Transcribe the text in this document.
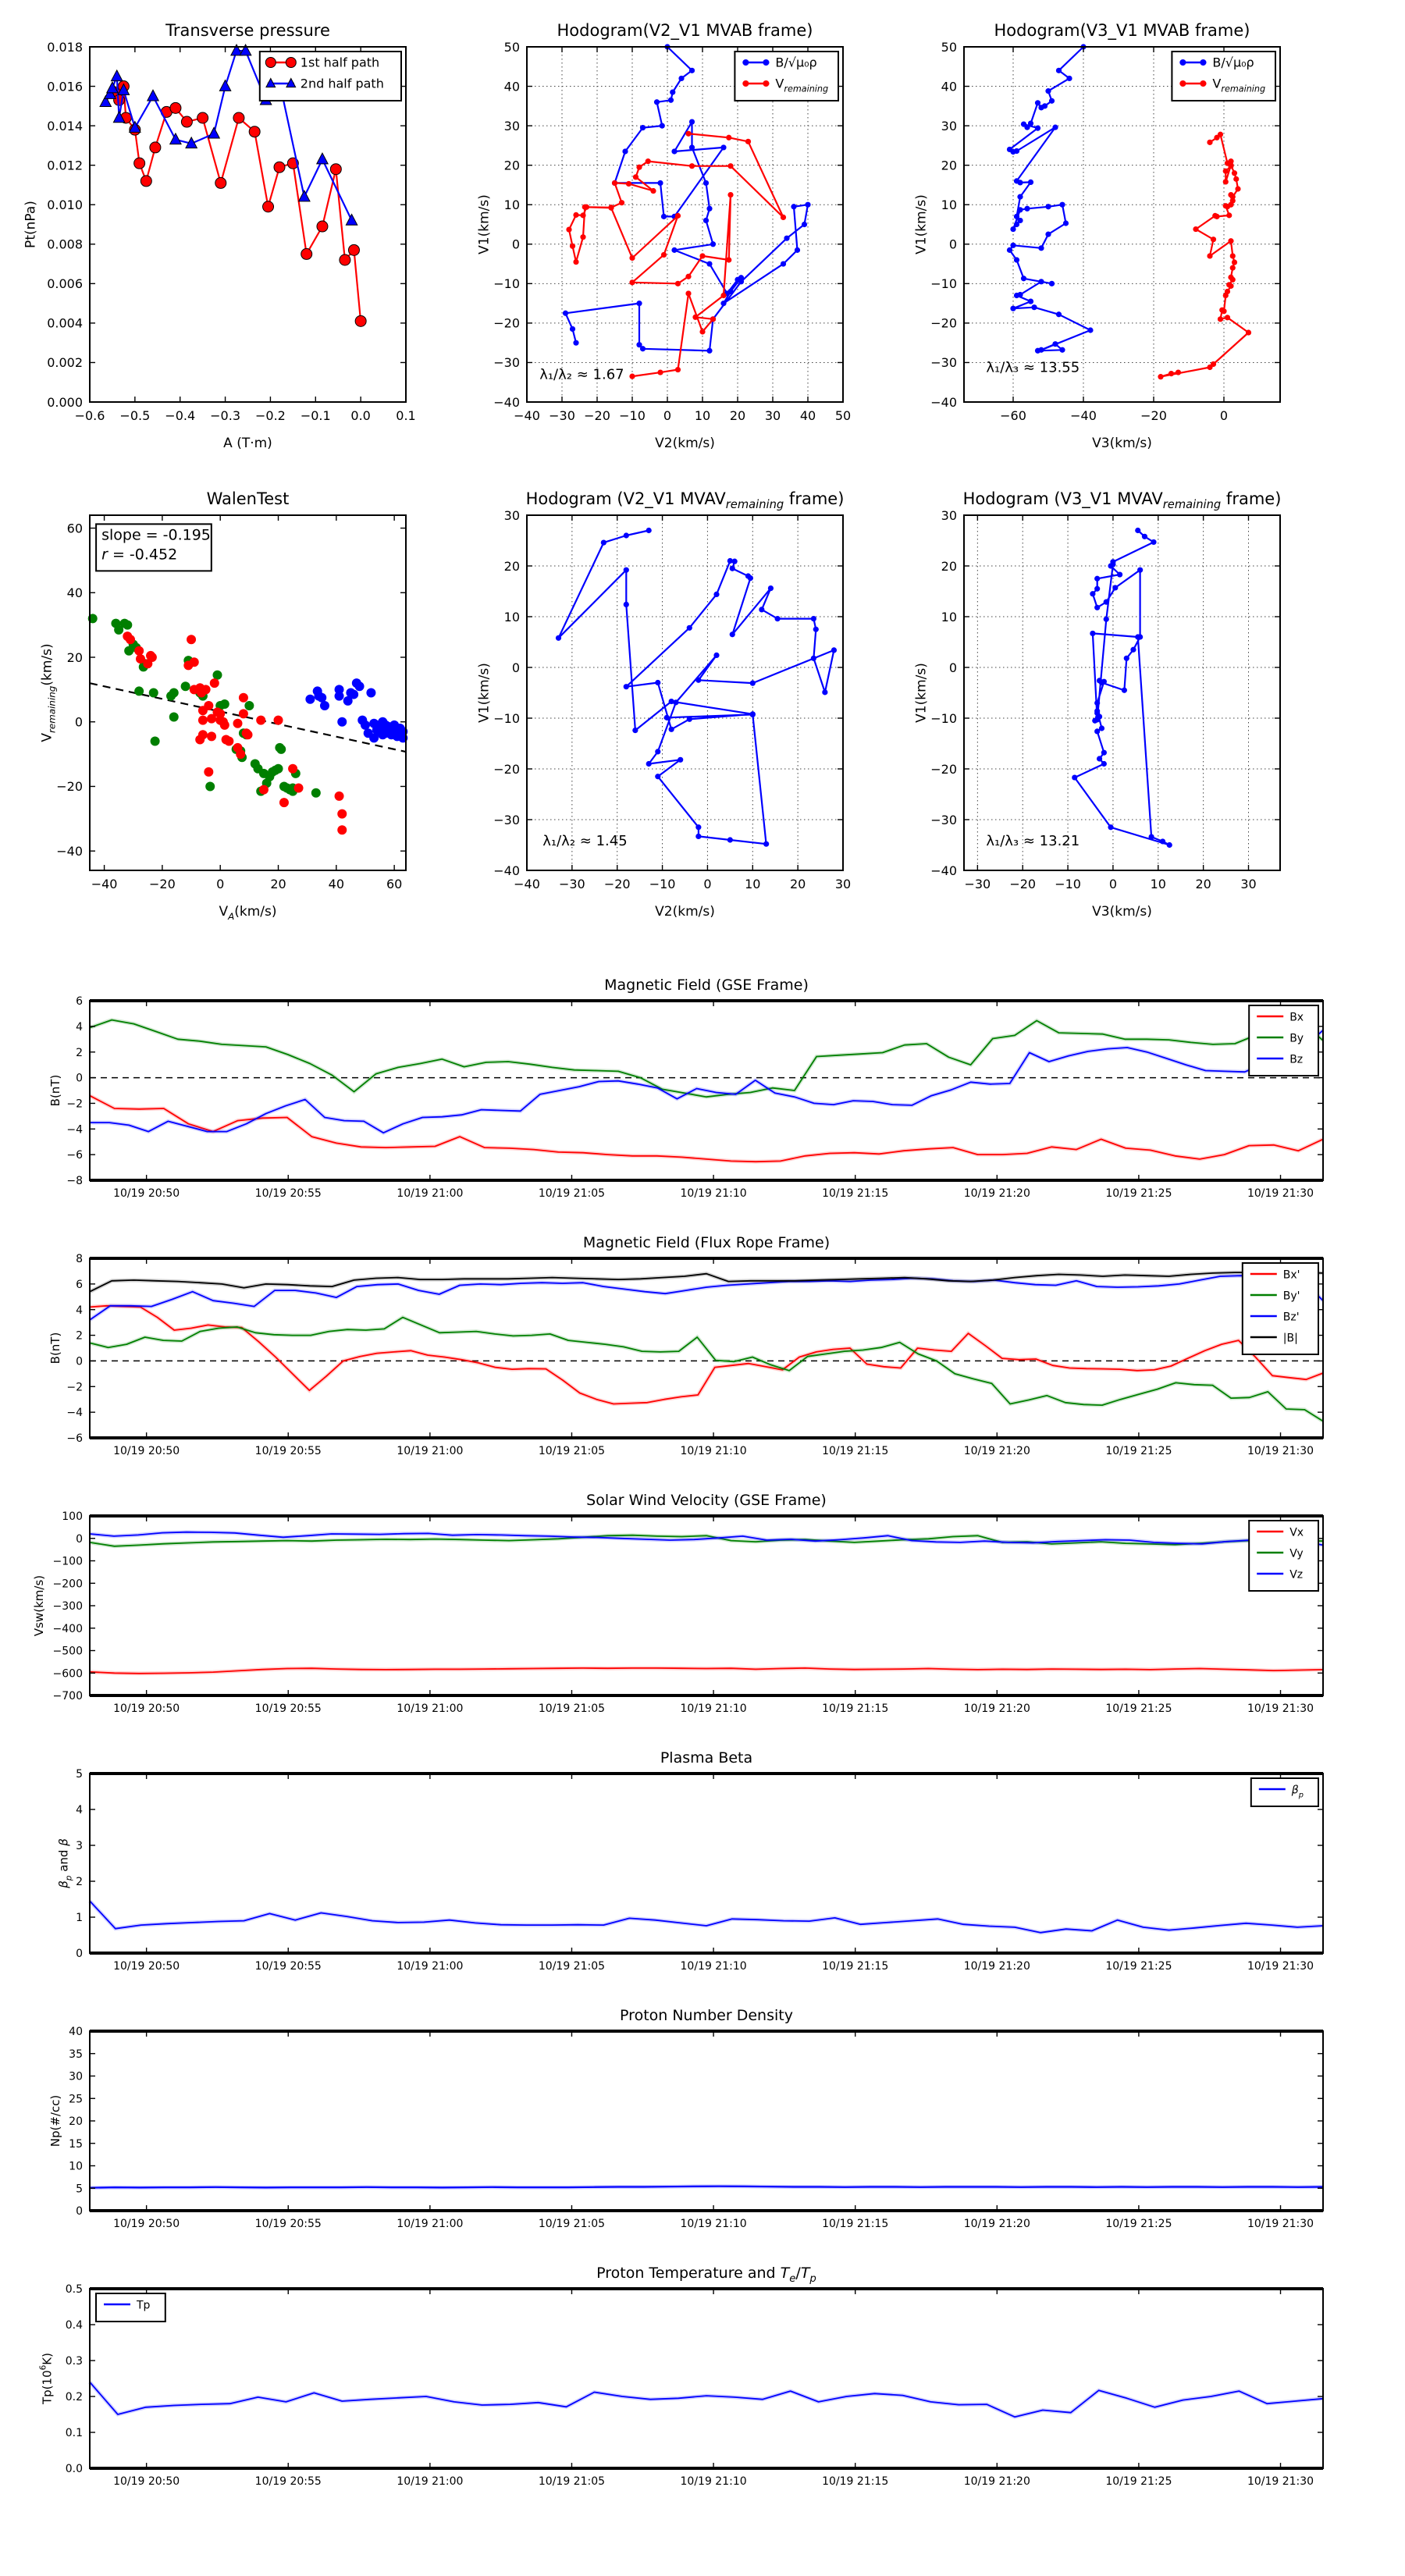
−0.6 −0.5 −0.4 −0.3 −0.2 −0.1 0.0 0.1
0.000
0.002
0.004
0.006
0.008
0.010
0.012
0.014
0.016
0.018
Transverse pressure
A (T·m)
Pt(nPa)
1st half path
2nd half path
−40 −30 −20 −10 0 10 20 30 40 50
−40
−30
−20
−10
0
10
20
30
40
50
Hodogram(V2_V1 MVAB frame)
V2(km/s)
V1(km/s)
B/√μ₀ρ
$V_{remaining}$
λ₁/λ₂ ≈ 1.67
−60	−40	−20	0
−40
−30
−20
−10
0
10
20
30
40
50
Hodogram(V3_V1 MVAB frame)
V3(km/s)
V1(km/s)
B/√μ₀ρ
$V_{remaining}$
λ₁/λ₃ ≈ 13.55
−40	−20	0	20	40	60
−40
−20
0
20
40
60
WalenTest
$V_A(km/s)$
$V_{remaining}(km/s)$
slope = -0.195
r = -0.452
−40 −30 −20 −10 0	10 20 30
−40
−30
−20
−10
0
10
20
30
Hodogram (V2_V1 $MVAV_{remaining}$ frame)
V2(km/s)
V1(km/s)
λ₁/λ₂ ≈ 1.45
−30 −20 −10 0	10 20 30
−40
−30
−20
−10
0
10
20
30
Hodogram (V3_V1 $MVAV_{remaining}$ frame)
V3(km/s)
V1(km/s)
λ₁/λ₃ ≈ 13.21
10/19 20:50	10/19 20:55	10/19 21:00	10/19 21:05	10/19 21:10	10/19 21:15	10/19 21:20	10/19 21:25	10/19 21:30
−8
−6
−4
−2
0
2
4
6
Magnetic Field (GSE Frame)
B(nT)
Bx
By
Bz
10/19 20:50	10/19 20:55	10/19 21:00	10/19 21:05	10/19 21:10	10/19 21:15	10/19 21:20	10/19 21:25	10/19 21:30
−6
−4
−2
0
2
4
6
8
Magnetic Field (Flux Rope Frame)
B(nT)
Bx'
By'
Bz'
|B|
10/19 20:50	10/19 20:55	10/19 21:00	10/19 21:05	10/19 21:10	10/19 21:15	10/19 21:20	10/19 21:25	10/19 21:30
−700
−600
−500
−400
−300
−200
−100
0
100
Solar Wind Velocity (GSE Frame)
Vsw(km/s)
Vx
Vy
Vz
10/19 20:50	10/19 20:55	10/19 21:00	10/19 21:05	10/19 21:10	10/19 21:15	10/19 21:20	10/19 21:25	10/19 21:30
0
1
2
3
4
5
Plasma Beta
$\beta_p$ and β
$\beta_p$
10/19 20:50	10/19 20:55	10/19 21:00	10/19 21:05	10/19 21:10	10/19 21:15	10/19 21:20	10/19 21:25	10/19 21:30
0
5
10
15
20
25
30
35
40
Proton Number Density
Np(#/cc)
10/19 20:50	10/19 20:55	10/19 21:00	10/19 21:05	10/19 21:10	10/19 21:15	10/19 21:20	10/19 21:25	10/19 21:30
0.0
0.1
0.2
0.3
0.4
0.5
Proton Temperature and $T_e/T_p$
$Tp(10^6K)$
Tp
